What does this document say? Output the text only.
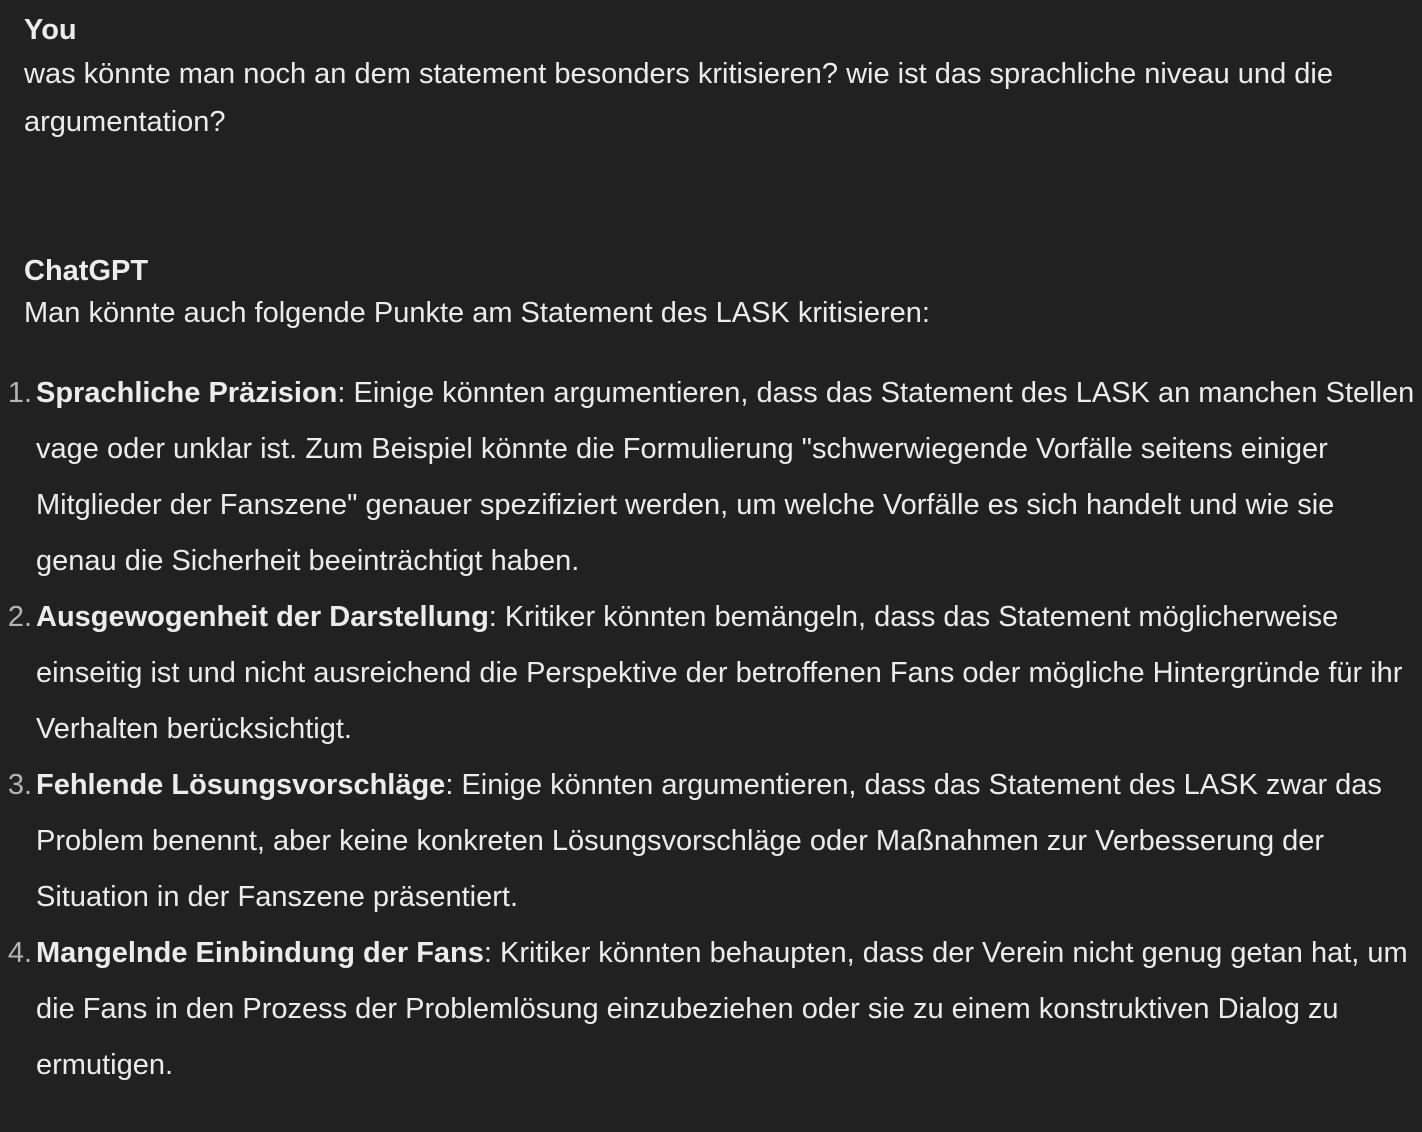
You
was könnte man noch an dem statement besonders kritisieren? wie ist das sprachliche niveau und die argumentation?
ChatGPT
Man könnte auch folgende Punkte am Statement des LASK kritisieren:
1. Sprachliche Präzision: Einige könnten argumentieren, dass das Statement des LASK an manchen Stellen vage oder unklar ist. Zum Beispiel könnte die Formulierung "schwerwiegende Vorfälle seitens einiger Mitglieder der Fanszene" genauer spezifiziert werden, um welche Vorfälle es sich handelt und wie sie genau die Sicherheit beeinträchtigt haben.
2. Ausgewogenheit der Darstellung: Kritiker könnten bemängeln, dass das Statement möglicherweise einseitig ist und nicht ausreichend die Perspektive der betroffenen Fans oder mögliche Hintergründe für ihr Verhalten berücksichtigt.
3. Fehlende Lösungsvorschläge: Einige könnten argumentieren, dass das Statement des LASK zwar das Problem benennt, aber keine konkreten Lösungsvorschläge oder Maßnahmen zur Verbesserung der Situation in der Fanszene präsentiert.
4. Mangelnde Einbindung der Fans: Kritiker könnten behaupten, dass der Verein nicht genug getan hat, um die Fans in den Prozess der Problemlösung einzubeziehen oder sie zu einem konstruktiven Dialog zu ermutigen.
